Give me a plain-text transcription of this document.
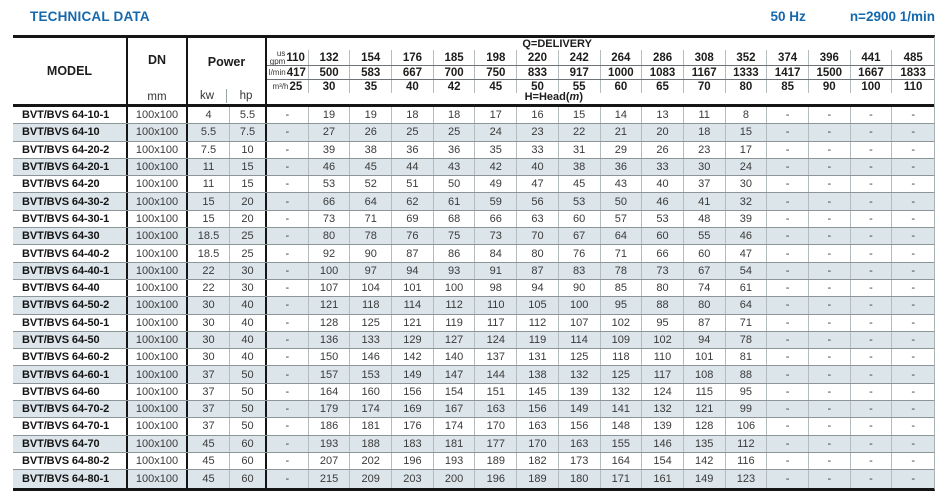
TECHNICAL DATA	50 Hz	n=2900 1/min
MODEL
DN
mm
Power
kw	hp
Q=DELIVERY
us
gpm 110	132	154	176	185	198	220	242	264	286	308	352	374	396	441	485
l/min 417	500	583	667	700	750	833	917	1000	1083	1167	1333	1417	1500	1667	1833
m³/h 25	30	35	40	42	45	50	55	60	65	70	80	85	90	100	110
H=Head(m)
BVT/BVS 64-10-1	100x100	4	5.5	-	19	19	18	18	17	16	15	14	13	11	8	-	-	-	-
BVT/BVS 64-10	100x100	5.5	7.5	-	27	26	25	25	24	23	22	21	20	18	15	-	-	-	-
BVT/BVS 64-20-2	100x100	7.5	10	-	39	38	36	36	35	33	31	29	26	23	17	-	-	-	-
BVT/BVS 64-20-1	100x100	11	15	-	46	45	44	43	42	40	38	36	33	30	24	-	-	-	-
BVT/BVS 64-20	100x100	11	15	-	53	52	51	50	49	47	45	43	40	37	30	-	-	-	-
BVT/BVS 64-30-2	100x100	15	20	-	66	64	62	61	59	56	53	50	46	41	32	-	-	-	-
BVT/BVS 64-30-1	100x100	15	20	-	73	71	69	68	66	63	60	57	53	48	39	-	-	-	-
BVT/BVS 64-30	100x100	18.5	25	-	80	78	76	75	73	70	67	64	60	55	46	-	-	-	-
BVT/BVS 64-40-2	100x100	18.5	25	-	92	90	87	86	84	80	76	71	66	60	47	-	-	-	-
BVT/BVS 64-40-1	100x100	22	30	-	100	97	94	93	91	87	83	78	73	67	54	-	-	-	-
BVT/BVS 64-40	100x100	22	30	-	107	104	101	100	98	94	90	85	80	74	61	-	-	-	-
BVT/BVS 64-50-2	100x100	30	40	-	121	118	114	112	110	105	100	95	88	80	64	-	-	-	-
BVT/BVS 64-50-1	100x100	30	40	-	128	125	121	119	117	112	107	102	95	87	71	-	-	-	-
BVT/BVS 64-50	100x100	30	40	-	136	133	129	127	124	119	114	109	102	94	78	-	-	-	-
BVT/BVS 64-60-2	100x100	30	40	-	150	146	142	140	137	131	125	118	110	101	81	-	-	-	-
BVT/BVS 64-60-1	100x100	37	50	-	157	153	149	147	144	138	132	125	117	108	88	-	-	-	-
BVT/BVS 64-60	100x100	37	50	-	164	160	156	154	151	145	139	132	124	115	95	-	-	-	-
BVT/BVS 64-70-2	100x100	37	50	-	179	174	169	167	163	156	149	141	132	121	99	-	-	-	-
BVT/BVS 64-70-1	100x100	37	50	-	186	181	176	174	170	163	156	148	139	128	106	-	-	-	-
BVT/BVS 64-70	100x100	45	60	-	193	188	183	181	177	170	163	155	146	135	112	-	-	-	-
BVT/BVS 64-80-2	100x100	45	60	-	207	202	196	193	189	182	173	164	154	142	116	-	-	-	-
BVT/BVS 64-80-1	100x100	45	60	-	215	209	203	200	196	189	180	171	161	149	123	-	-	-	-
